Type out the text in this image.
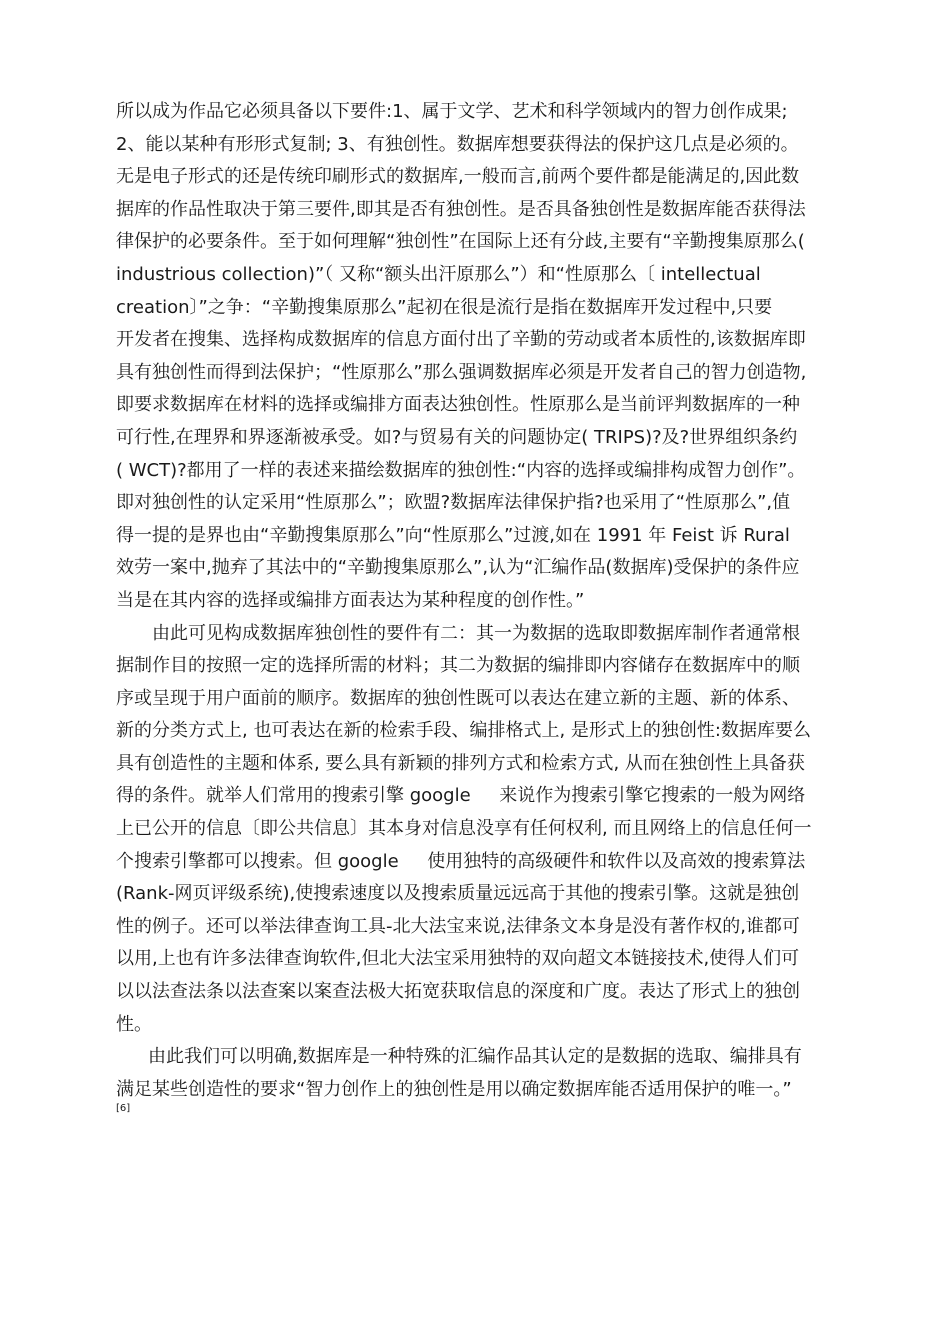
所以成为作品它必须具备以下要件:1、属于文学、艺术和科学领域内的智力创作成果;
2、能以某种有形形式复制; 3、有独创性。数据库想要获得法的保护这几点是必须的。
无是电子形式的还是传统印刷形式的数据库,一般而言,前两个要件都是能满足的,因此数
据库的作品性取决于第三要件,即其是否有独创性。是否具备独创性是数据库能否获得法
律保护的必要条件。至于如何理解“独创性”在国际上还有分歧,主要有“辛勤搜集原那么(
industrious collection)”（ 又称“额头出汗原那么”）和“性原那么〔 intellectual
creation〕”之争：“辛勤搜集原那么”起初在很是流行是指在数据库开发过程中,只要
开发者在搜集、选择构成数据库的信息方面付出了辛勤的劳动或者本质性的,该数据库即
具有独创性而得到法保护；“性原那么”那么强调数据库必须是开发者自己的智力创造物,
即要求数据库在材料的选择或编排方面表达独创性。性原那么是当前评判数据库的一种
可行性,在理界和界逐渐被承受。如?与贸易有关的问题协定( TRIPS)?及?世界组织条约
( WCT)?都用了一样的表述来描绘数据库的独创性:“内容的选择或编排构成智力创作”。
即对独创性的认定采用“性原那么”；欧盟?数据库法律保护指?也采用了“性原那么”,值
得一提的是界也由“辛勤搜集原那么”向“性原那么”过渡,如在 1991 年 Feist 诉 Rural
效劳一案中,抛弃了其法中的“辛勤搜集原那么”,认为“汇编作品(数据库)受保护的条件应
当是在其内容的选择或编排方面表达为某种程度的创作性。”
由此可见构成数据库独创性的要件有二：其一为数据的选取即数据库制作者通常根
据制作目的按照一定的选择所需的材料；其二为数据的编排即内容储存在数据库中的顺
序或呈现于用户面前的顺序。数据库的独创性既可以表达在建立新的主题、新的体系、
新的分类方式上, 也可表达在新的检索手段、编排格式上, 是形式上的独创性:数据库要么
具有创造性的主题和体系, 要么具有新颖的排列方式和检索方式, 从而在独创性上具备获
得的条件。就举人们常用的搜索引擎 google     来说作为搜索引擎它搜索的一般为网络
上已公开的信息〔即公共信息〕其本身对信息没享有任何权利, 而且网络上的信息任何一
个搜索引擎都可以搜索。但 google     使用独特的高级硬件和软件以及高效的搜索算法
(Rank-网页评级系统),使搜索速度以及搜索质量远远高于其他的搜索引擎。这就是独创
性的例子。还可以举法律查询工具-北大法宝来说,法律条文本身是没有著作权的,谁都可
以用,上也有许多法律查询软件,但北大法宝采用独特的双向超文本链接技术,使得人们可
以以法查法条以法查案以案查法极大拓宽获取信息的深度和广度。表达了形式上的独创
性。
由此我们可以明确,数据库是一种特殊的汇编作品其认定的是数据的选取、编排具有
满足某些创造性的要求“智力创作上的独创性是用以确定数据库能否适用保护的唯一。”
[6]
